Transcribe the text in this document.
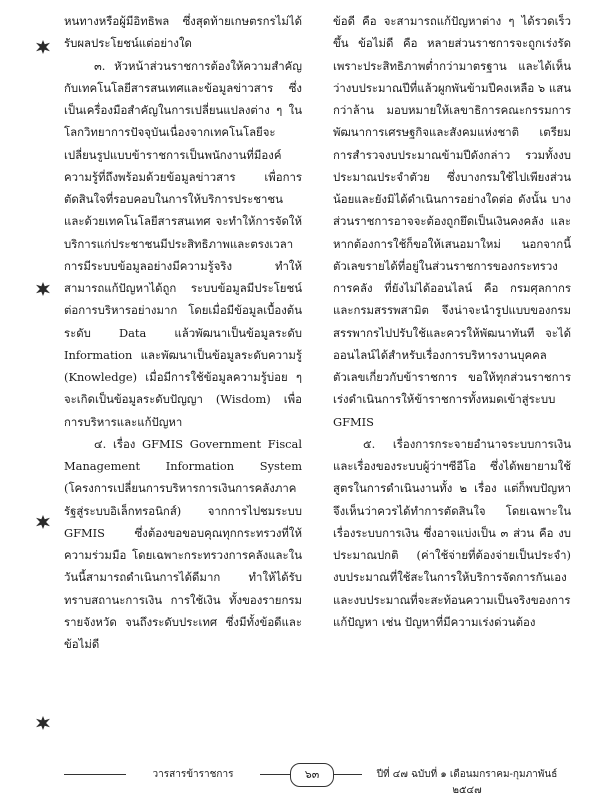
หนทางหรือผู้มีอิทธิพล ซึ่งสุดท้ายเกษตรกรไม่ได้รับผลประโยชน์แต่อย่างใด

๓. หัวหน้าส่วนราชการต้องให้ความสำคัญกับเทคโนโลยีสารสนเทศและข้อมูลข่าวสาร ซึ่งเป็นเครื่องมือสำคัญในการเปลี่ยนแปลงต่าง ๆ ในโลกวิทยาการปัจจุบันเนื่องจากเทคโนโลยีจะเปลี่ยนรูปแบบข้าราชการเป็นพนักงานที่มีองค์ความรู้ที่ถึงพร้อมด้วยข้อมูลข่าวสาร เพื่อการตัดสินใจที่รอบคอบในการให้บริการประชาชน และด้วยเทคโนโลยีสารสนเทศ จะทำให้การจัดให้บริการแก่ประชาชนมีประสิทธิภาพและตรงเวลา การมีระบบข้อมูลอย่างมีความรู้จริง ทำให้สามารถแก้ปัญหาได้ถูก ระบบข้อมูลมีประโยชน์ต่อการบริหารอย่างมาก โดยเมื่อมีข้อมูลเบื้องต้นระดับ Data แล้วพัฒนาเป็นข้อมูลระดับ Information และพัฒนาเป็นข้อมูลระดับความรู้ (Knowledge) เมื่อมีการใช้ข้อมูลความรู้บ่อย ๆ จะเกิดเป็นข้อมูลระดับปัญญา (Wisdom) เพื่อการบริหารและแก้ปัญหา

๔. เรื่อง GFMIS Government Fiscal Management Information System (โครงการเปลี่ยนการบริหารการเงินการคลังภาครัฐสู่ระบบอิเล็กทรอนิกส์) จากการไปชมระบบ GFMIS ซึ่งต้องขอขอบคุณทุกกระทรวงที่ให้ความร่วมมือ โดยเฉพาะกระทรวงการคลังและในวันนี้สามารถดำเนินการได้ดีมาก ทำให้ได้รับทราบสถานะการเงิน การใช้เงิน ทั้งของรายกรม รายจังหวัด จนถึงระดับประเทศ ซึ่งมีทั้งข้อดีและข้อไม่ดี

ข้อดี คือ จะสามารถแก้ปัญหาต่าง ๆ ได้รวดเร็วขึ้น ข้อไม่ดี คือ หลายส่วนราชการจะถูกเร่งรัดเพราะประสิทธิภาพต่ำกว่ามาตรฐาน และได้เห็นว่างบประมาณปีที่แล้วผูกพันข้ามปีคงเหลือ ๖ แสนกว่าล้าน มอบหมายให้เลขาธิการคณะกรรมการพัฒนาการเศรษฐกิจและสังคมแห่งชาติ เตรียมการสำรวจงบประมาณข้ามปีดังกล่าว รวมทั้งงบประมาณประจำตัวย ซึ่งบางกรมใช้ไปเพียงส่วนน้อยและยังมิได้ดำเนินการอย่างใดต่อ ดังนั้น บางส่วนราชการอาจจะต้องถูกยึดเป็นเงินคงคลัง และหากต้องการใช้ก็ขอให้เสนอมาใหม่ นอกจากนี้ ตัวเลขรายได้ที่อยู่ในส่วนราชการของกระทรวงการคลัง ที่ยังไม่ได้ออนไลน์ คือ กรมศุลกากร และกรมสรรพสามิต จึงน่าจะนำรูปแบบของกรมสรรพากรไปปรับใช้และควรให้พัฒนาทันที จะได้ออนไลน์ได้สำหรับเรื่องการบริหารงานบุคคล ตัวเลขเกี่ยวกับข้าราชการ ขอให้ทุกส่วนราชการเร่งดำเนินการให้ข้าราชการทั้งหมดเข้าสู่ระบบ GFMIS

๕. เรื่องการกระจายอำนาจระบบการเงินและเรื่องของระบบผู้ว่าฯซีอีโอ ซึ่งได้พยายามใช้สูตรในการดำเนินงานทั้ง ๒ เรื่อง แต่ก็พบปัญหาจึงเห็นว่าควรได้ทำการตัดสินใจ โดยเฉพาะในเรื่องระบบการเงิน ซึ่งอาจแบ่งเป็น ๓ ส่วน คือ งบประมาณปกติ (ค่าใช้จ่ายที่ต้องจ่ายเป็นประจำ) งบประมาณที่ใช้สะในการให้บริการจัดการกันเอง และงบประมาณที่จะสะท้อนความเป็นจริงของการแก้ปัญหา เช่น ปัญหาที่มีความเร่งด่วนต้อง

วารสารข้าราชการ	๖๓	ปีที่ ๔๗ ฉบับที่ ๑ เดือนมกราคม-กุมภาพันธ์ ๒๕๔๗
